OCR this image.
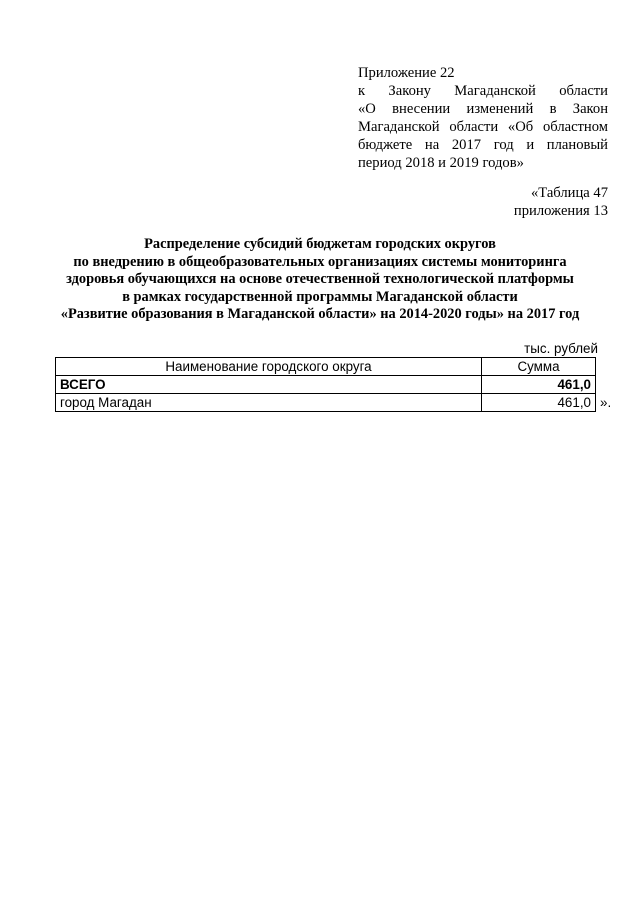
Приложение 22
к Закону Магаданской области
«О внесении изменений в Закон
Магаданской области «Об областном
бюджете на 2017 год и плановый
период 2018 и 2019 годов»
«Таблица 47
приложения 13
Распределение субсидий бюджетам городских округов
по внедрению в общеобразовательных организациях системы мониторинга
здоровья обучающихся на основе отечественной технологической платформы
в рамках государственной программы Магаданской области
«Развитие образования в Магаданской области» на 2014-2020 годы» на 2017 год
тыс. рублей
Наименование городского округа	Сумма
ВСЕГО	461,0
город Магадан	461,0 ».
